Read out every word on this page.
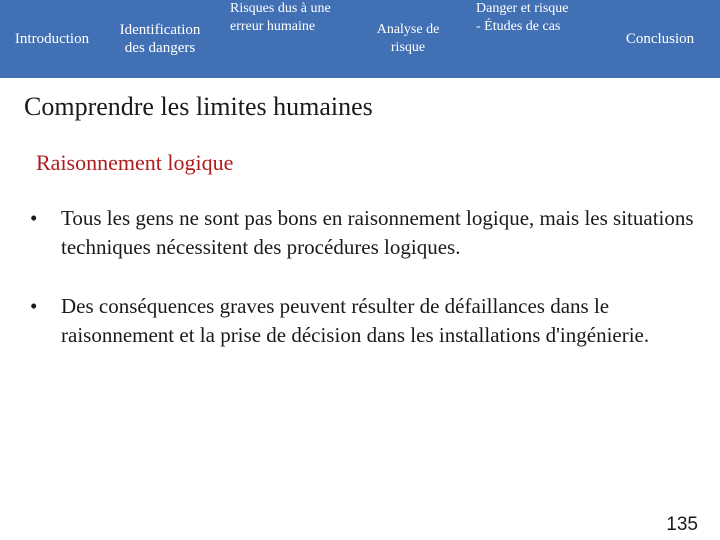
Introduction
Identification
des dangers
Risques dus à une
erreur humaine	Analyse de
risque
Danger et risque
- Études de cas
Conclusion
Comprendre les limites humaines
Raisonnement logique
• Tous les gens ne sont pas bons en raisonnement logique, mais les situations techniques nécessitent des procédures logiques.
• Des conséquences graves peuvent résulter de défaillances dans le raisonnement et la prise de décision dans les installations d'ingénierie.
135
